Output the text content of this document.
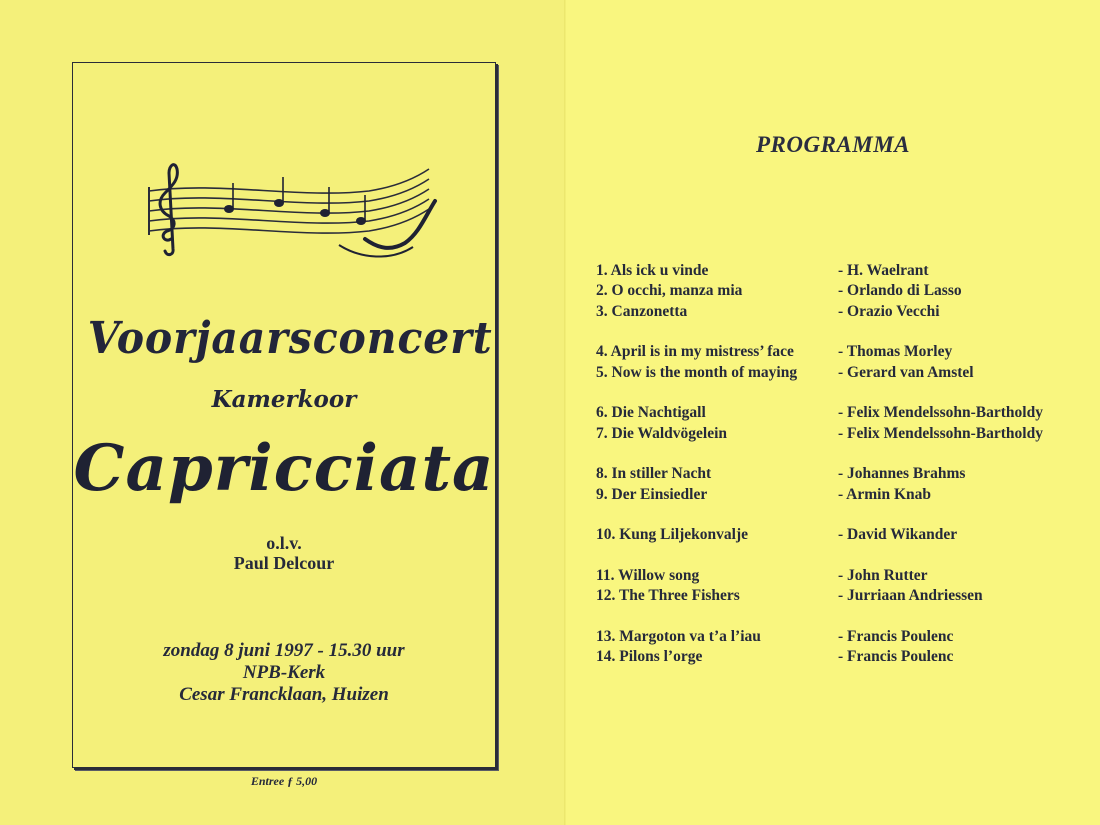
Voorjaarsconcert
Kamerkoor
Capricciata
o.l.v.
Paul Delcour
zondag 8 juni 1997 - 15.30 uur
NPB-Kerk
Cesar Francklaan, Huizen
Entree ƒ 5,00
PROGRAMMA
1. Als ick u vinde	- H. Waelrant
2. O occhi, manza mia	- Orlando di Lasso
3. Canzonetta	- Orazio Vecchi
4. April is in my mistress’ face	- Thomas Morley
5. Now is the month of maying	- Gerard van Amstel
6. Die Nachtigall	- Felix Mendelssohn-Bartholdy
7. Die Waldvögelein	- Felix Mendelssohn-Bartholdy
8. In stiller Nacht	- Johannes Brahms
9. Der Einsiedler	- Armin Knab
10. Kung Liljekonvalje	- David Wikander
11. Willow song	- John Rutter
12. The Three Fishers	- Jurriaan Andriessen
13. Margoton va t’a l’iau	- Francis Poulenc
14. Pilons l’orge	- Francis Poulenc
